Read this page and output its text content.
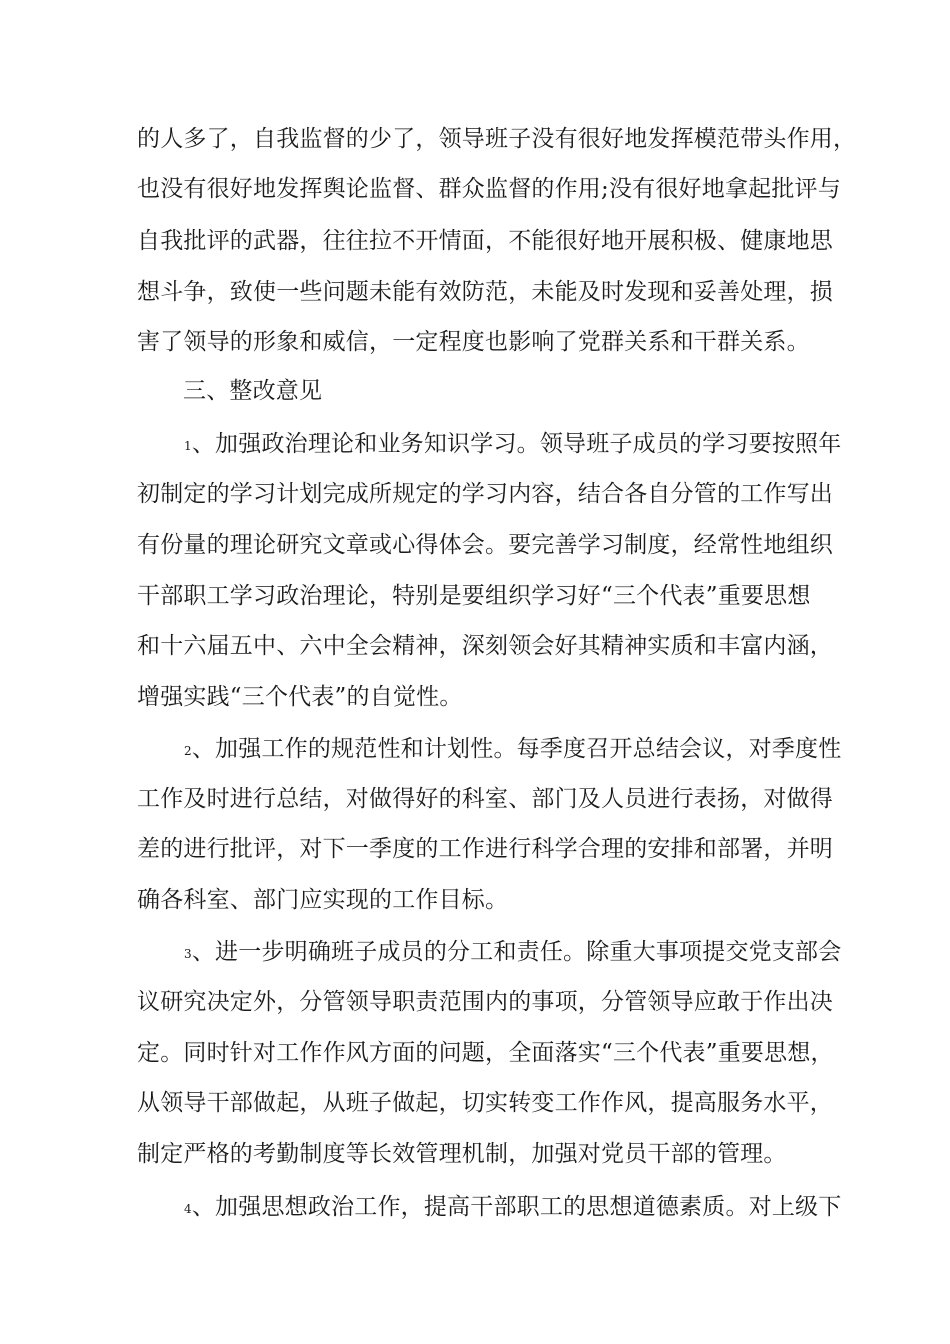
的人多了，自我监督的少了，领导班子没有很好地发挥模范带头作用，
也没有很好地发挥舆论监督、群众监督的作用;没有很好地拿起批评与
自我批评的武器，往往拉不开情面，不能很好地开展积极、健康地思
想斗争，致使一些问题未能有效防范，未能及时发现和妥善处理，损
害了领导的形象和威信，一定程度也影响了党群关系和干群关系。
三、整改意见
1、加强政治理论和业务知识学习。领导班子成员的学习要按照年
初制定的学习计划完成所规定的学习内容，结合各自分管的工作写出
有份量的理论研究文章或心得体会。要完善学习制度，经常性地组织
干部职工学习政治理论，特别是要组织学习好“三个代表”重要思想
和十六届五中、六中全会精神，深刻领会好其精神实质和丰富内涵，
增强实践“三个代表”的自觉性。
2、加强工作的规范性和计划性。每季度召开总结会议，对季度性
工作及时进行总结，对做得好的科室、部门及人员进行表扬，对做得
差的进行批评，对下一季度的工作进行科学合理的安排和部署，并明
确各科室、部门应实现的工作目标。
3、进一步明确班子成员的分工和责任。除重大事项提交党支部会
议研究决定外，分管领导职责范围内的事项，分管领导应敢于作出决
定。同时针对工作作风方面的问题，全面落实“三个代表”重要思想，
从领导干部做起，从班子做起，切实转变工作作风，提高服务水平，
制定严格的考勤制度等长效管理机制，加强对党员干部的管理。
4、加强思想政治工作，提高干部职工的思想道德素质。对上级下
